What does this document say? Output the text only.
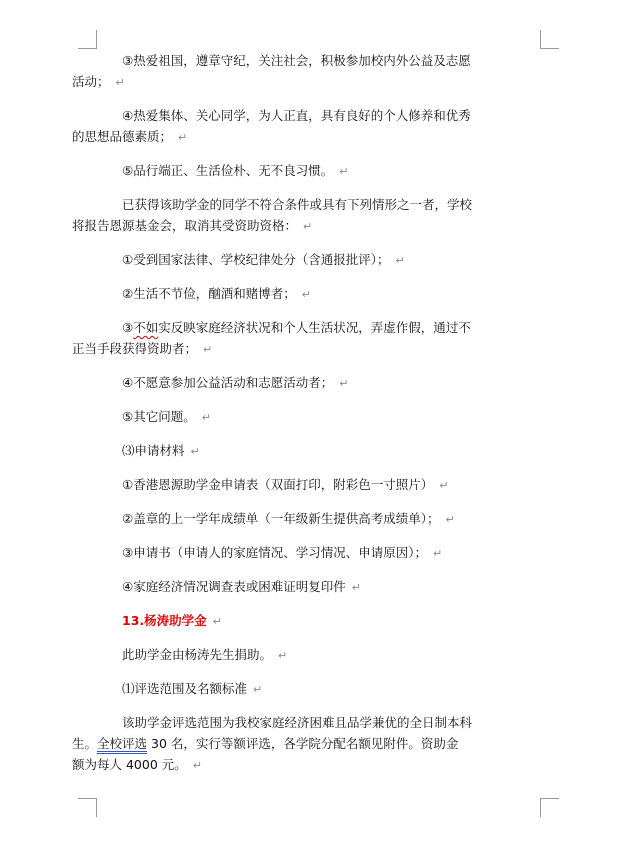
③热爱祖国，遵章守纪，关注社会，积极参加校内外公益及志愿
活动； ↵

④热爱集体、关心同学，为人正直，具有良好的个人修养和优秀
的思想品德素质； ↵

⑤品行端正、生活俭朴、无不良习惯。 ↵

已获得该助学金的同学不符合条件或具有下列情形之一者，学校
将报告恩源基金会，取消其受资助资格： ↵

①受到国家法律、学校纪律处分（含通报批评）； ↵

②生活不节俭，酗酒和赌博者； ↵

③不如实反映家庭经济状况和个人生活状况，弄虚作假，通过不
正当手段获得资助者； ↵

④不愿意参加公益活动和志愿活动者； ↵

⑤其它问题。 ↵

⑶申请材料 ↵

①香港恩源助学金申请表（双面打印，附彩色一寸照片） ↵

②盖章的上一学年成绩单（一年级新生提供高考成绩单）； ↵

③申请书（申请人的家庭情况、学习情况、申请原因）； ↵

④家庭经济情况调查表或困难证明复印件 ↵

13.杨涛助学金 ↵

此助学金由杨涛先生捐助。 ↵

⑴评选范围及名额标准 ↵

该助学金评选范围为我校家庭经济困难且品学兼优的全日制本科
生。全校评选 30 名，实行等额评选，各学院分配名额见附件。资助金
额为每人 4000 元。 ↵
